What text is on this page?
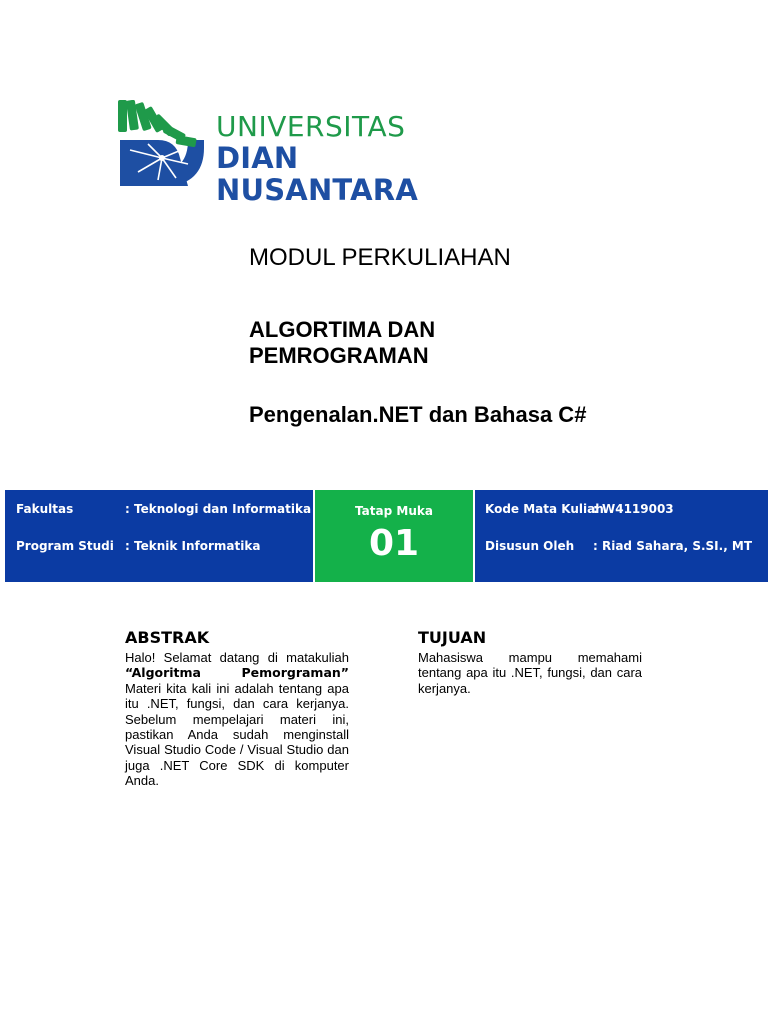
UNIVERSITAS
DIAN NUSANTARA
MODUL PERKULIAHAN
ALGORTIMA DAN
PEMROGRAMAN
Pengenalan.NET dan Bahasa C#
Fakultas	: Teknologi dan Informatika
Program Studi : Teknik Informatika
Tatap Muka
01
Kode Mata Kuliah
: W4119003
Disusun Oleh : Riad Sahara, S.SI., MT
ABSTRAK
Halo! Selamat datang di matakuliah “Algoritma Pemorgraman” Materi kita kali ini adalah tentang apa itu .NET, fungsi, dan cara kerjanya. Sebelum mempelajari materi ini, pastikan Anda sudah menginstall Visual Studio Code / Visual Studio dan juga .NET Core SDK di komputer Anda.
TUJUAN
Mahasiswa mampu memahami tentang apa itu .NET, fungsi, dan cara kerjanya.
